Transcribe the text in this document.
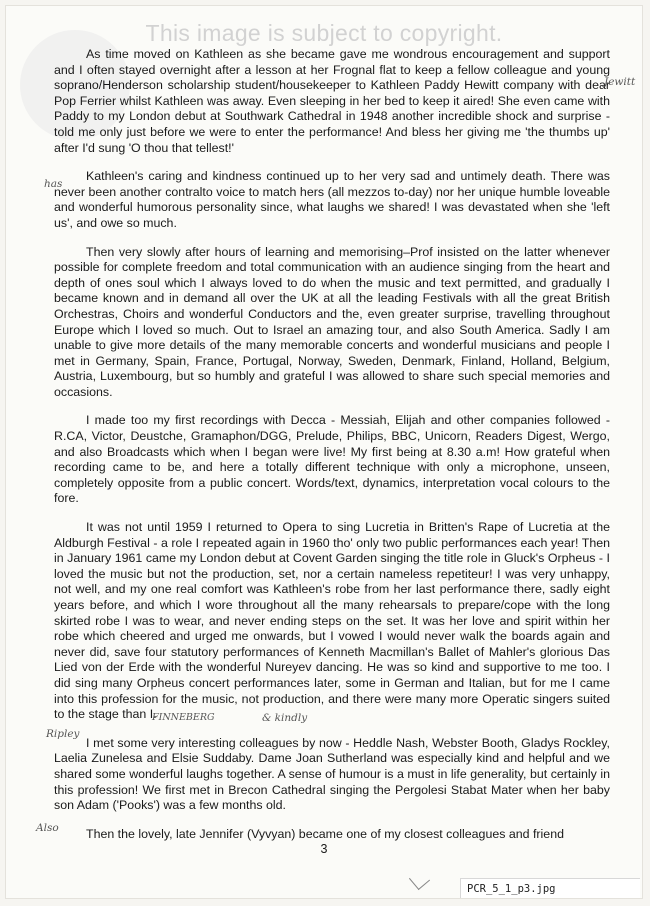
This image is subject to copyright.

As time moved on Kathleen as she became gave me wondrous encouragement and support and I often stayed overnight after a lesson at her Frognal flat to keep a fellow colleague and young soprano/Henderson scholarship student/housekeeper to Kathleen Paddy Hewitt company with dear Pop Ferrier whilst Kathleen was away. Even sleeping in her bed to keep it aired! She even came with Paddy to my London debut at Southwark Cathedral in 1948 another incredible shock and surprise - told me only just before we were to enter the performance! And bless her giving me 'the thumbs up' after I'd sung 'O thou that tellest!'

Kathleen's caring and kindness continued up to her very sad and untimely death. There was never been another contralto voice to match hers (all mezzos to-day) nor her unique humble loveable and wonderful humorous personality since, what laughs we shared! I was devastated when she 'left us', and owe so much.

Then very slowly after hours of learning and memorising–Prof insisted on the latter whenever possible for complete freedom and total communication with an audience singing from the heart and depth of ones soul which I always loved to do when the music and text permitted, and gradually I became known and in demand all over the UK at all the leading Festivals with all the great British Orchestras, Choirs and wonderful Conductors and the, even greater surprise, travelling throughout Europe which I loved so much. Out to Israel an amazing tour, and also South America. Sadly I am unable to give more details of the many memorable concerts and wonderful musicians and people I met in Germany, Spain, France, Portugal, Norway, Sweden, Denmark, Finland, Holland, Belgium, Austria, Luxembourg, but so humbly and grateful I was allowed to share such special memories and occasions.

I made too my first recordings with Decca - Messiah, Elijah and other companies followed - R.CA, Victor, Deustche, Gramaphon/DGG, Prelude, Philips, BBC, Unicorn, Readers Digest, Wergo, and also Broadcasts which when I began were live! My first being at 8.30 a.m! How grateful when recording came to be, and here a totally different technique with only a microphone, unseen, completely opposite from a public concert. Words/text, dynamics, interpretation vocal colours to the fore.

It was not until 1959 I returned to Opera to sing Lucretia in Britten's Rape of Lucretia at the Aldburgh Festival - a role I repeated again in 1960 tho' only two public performances each year! Then in January 1961 came my London debut at Covent Garden singing the title role in Gluck's Orpheus - I loved the music but not the production, set, nor a certain nameless repetiteur! I was very unhappy, not well, and my one real comfort was Kathleen's robe from her last performance there, sadly eight years before, and which I wore throughout all the many rehearsals to prepare/cope with the long skirted robe I was to wear, and never ending steps on the set. It was her love and spirit within her robe which cheered and urged me onwards, but I vowed I would never walk the boards again and never did, save four statutory performances of Kenneth Macmillan's Ballet of Mahler's glorious Das Lied von der Erde with the wonderful Nureyev dancing. He was so kind and supportive to me too. I did sing many Orpheus concert performances later, some in German and Italian, but for me I came into this profession for the music, not production, and there were many more Operatic singers suited to the stage than I.

I met some very interesting colleagues by now - Heddle Nash, Webster Booth, Gladys Rockley, Laelia Zunelesa and Elsie Suddaby. Dame Joan Sutherland was especially kind and helpful and we shared some wonderful laughs together. A sense of humour is a must in life generality, but certainly in this profession! We first met in Brecon Cathedral singing the Pergolesi Stabat Mater when her baby son Adam ('Pooks') was a few months old.

Then the lovely, late Jennifer (Vyvyan) became one of my closest colleagues and friend

Jewitt
has
FINNEBERG	& kindly
Ripley
Also
3
PCR_5_1_p3.jpg
